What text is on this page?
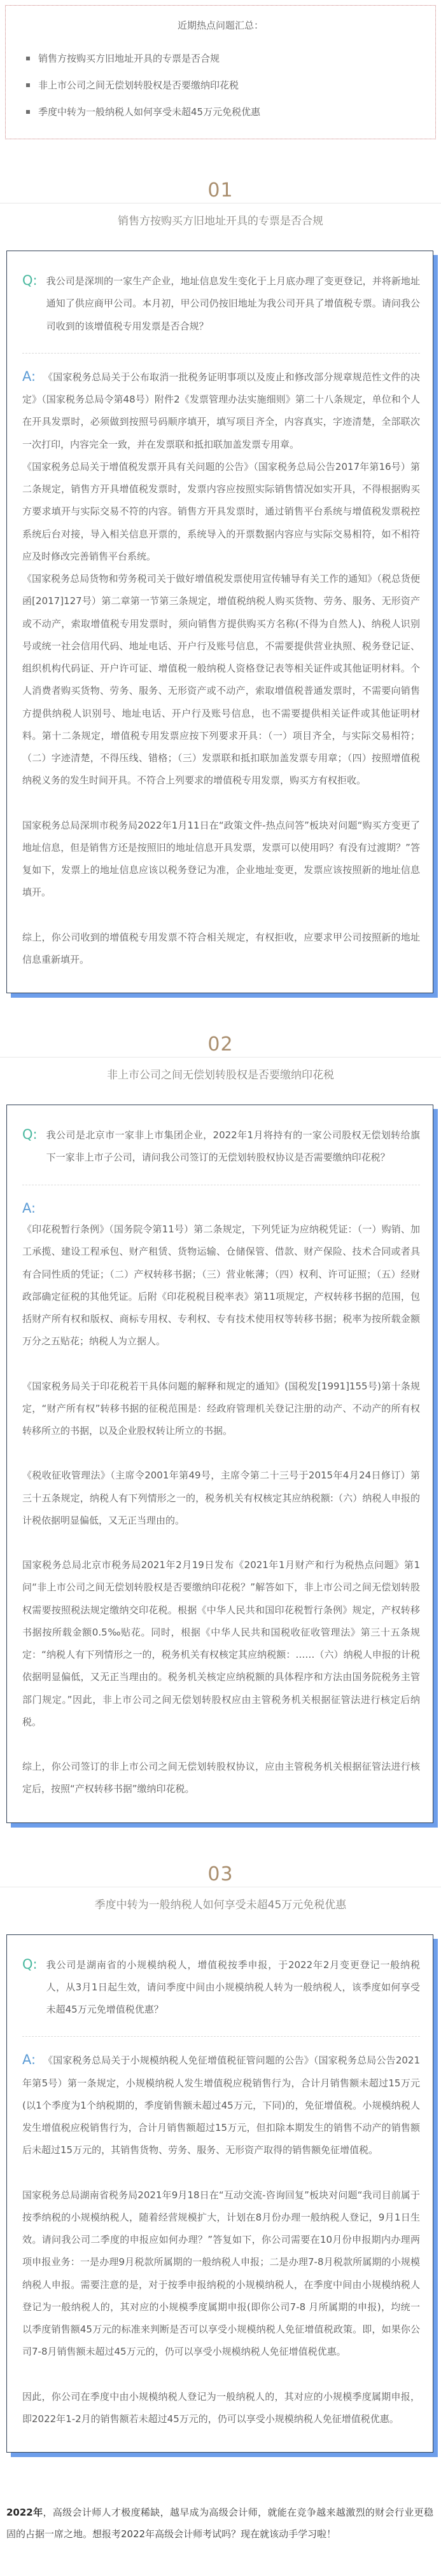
近期热点问题汇总：
销售方按购买方旧地址开具的专票是否合规
非上市公司之间无偿划转股权是否要缴纳印花税
季度中转为一般纳税人如何享受未超45万元免税优惠
01
销售方按购买方旧地址开具的专票是否合规
Q: 我公司是深圳的一家生产企业，地址信息发生变化于上月底办理了变更登记，并将新地址通知了供应商甲公司。本月初，甲公司仍按旧地址为我公司开具了增值税专票。请问我公司收到的该增值税专用发票是否合规？
A: 《国家税务总局关于公布取消一批税务证明事项以及废止和修改部分规章规范性文件的决定》（国家税务总局令第48号）附件2《发票管理办法实施细则》第二十八条规定，单位和个人在开具发票时，必须做到按照号码顺序填开，填写项目齐全，内容真实，字迹清楚，全部联次一次打印，内容完全一致，并在发票联和抵扣联加盖发票专用章。

《国家税务总局关于增值税发票开具有关问题的公告》（国家税务总局公告2017年第16号）第二条规定，销售方开具增值税发票时，发票内容应按照实际销售情况如实开具，不得根据购买方要求填开与实际交易不符的内容。销售方开具发票时，通过销售平台系统与增值税发票税控系统后台对接，导入相关信息开票的，系统导入的开票数据内容应与实际交易相符，如不相符应及时修改完善销售平台系统。

《国家税务总局货物和劳务税司关于做好增值税发票使用宣传辅导有关工作的通知》（税总货便函[2017]127号）第二章第一节第三条规定，增值税纳税人购买货物、劳务、服务、无形资产或不动产，索取增值税专用发票时，须向销售方提供购买方名称(不得为自然人)、纳税人识别号或统一社会信用代码、地址电话、开户行及账号信息，不需要提供营业执照、税务登记证、组织机构代码证、开户许可证、增值税一般纳税人资格登记表等相关证件或其他证明材料。个人消费者购买货物、劳务、服务、无形资产或不动产，索取增值税普通发票时，不需要向销售方提供纳税人识别号、地址电话、开户行及账号信息，也不需要提供相关证件或其他证明材料。第十二条规定，增值税专用发票应按下列要求开具：（一）项目齐全，与实际交易相符；（二）字迹清楚，不得压线、错格；（三）发票联和抵扣联加盖发票专用章；（四）按照增值税纳税义务的发生时间开具。不符合上列要求的增值税专用发票，购买方有权拒收。

国家税务总局深圳市税务局2022年1月11日在“政策文件-热点问答”板块对问题“购买方变更了地址信息，但是销售方还是按照旧的地址信息开具发票，发票可以使用吗？有没有过渡期？”答复如下，发票上的地址信息应该以税务登记为准，企业地址变更，发票应该按照新的地址信息填开。

综上，你公司收到的增值税专用发票不符合相关规定，有权拒收，应要求甲公司按照新的地址信息重新填开。

02
非上市公司之间无偿划转股权是否要缴纳印花税
Q: 我公司是北京市一家非上市集团企业，2022年1月将持有的一家公司股权无偿划转给旗下一家非上市子公司，请问我公司签订的无偿划转股权协议是否需要缴纳印花税？
A:

《印花税暂行条例》（国务院令第11号）第二条规定，下列凭证为应纳税凭证：（一）购销、加工承揽、建设工程承包、财产租赁、货物运输、仓储保管、借款、财产保险、技术合同或者具有合同性质的凭证；（二）产权转移书据；（三）营业帐薄；（四）权利、许可证照；（五）经财政部确定征税的其他凭证。后附《印花税税目税率表》第11项规定，产权转移书据的范围，包括财产所有权和版权、商标专用权、专利权、专有技术使用权等转移书据；税率为按所载金额万分之五贴花；纳税人为立据人。

《国家税务局关于印花税若干具体问题的解释和规定的通知》(国税发[1991]155号)第十条规定，“财产所有权”转移书据的征税范围是：经政府管理机关登记注册的动产、不动产的所有权转移所立的书据，以及企业股权转让所立的书据。

《税收征收管理法》（主席令2001年第49号，主席令第二十三号于2015年4月24日修订）第三十五条规定，纳税人有下列情形之一的，税务机关有权核定其应纳税额:（六）纳税人申报的计税依据明显偏低，又无正当理由的。

国家税务总局北京市税务局2021年2月19日发布《2021年1月财产和行为税热点问题》第1问“非上市公司之间无偿划转股权是否要缴纳印花税？”解答如下，非上市公司之间无偿划转股权需要按照税法规定缴纳交印花税。根据《中华人民共和国印花税暂行条例》规定，产权转移书据按所载金额0.5‰贴花。同时，根据《中华人民共和国税收征收管理法》第三十五条规定：“纳税人有下列情形之一的，税务机关有权核定其应纳税额：……（六）纳税人申报的计税依据明显偏低，又无正当理由的。税务机关核定应纳税额的具体程序和方法由国务院税务主管部门规定。”因此，非上市公司之间无偿划转股权应由主管税务机关根据征管法进行核定后纳税。

综上，你公司签订的非上市公司之间无偿划转股权协议，应由主管税务机关根据征管法进行核定后，按照“产权转移书据”缴纳印花税。

03
季度中转为一般纳税人如何享受未超45万元免税优惠
Q: 我公司是湖南省的小规模纳税人，增值税按季申报，于2022年2月变更登记一般纳税人，从3月1日起生效，请问季度中间由小规模纳税人转为一般纳税人，该季度如何享受未超45万元免增值税优惠？
A: 《国家税务总局关于小规模纳税人免征增值税征管问题的公告》（国家税务总局公告2021年第5号）第一条规定，小规模纳税人发生增值税应税销售行为，合计月销售额未超过15万元(以1个季度为1个纳税期的，季度销售额未超过45万元，下同)的，免征增值税。小规模纳税人发生增值税应税销售行为，合计月销售额超过15万元，但扣除本期发生的销售不动产的销售额后未超过15万元的，其销售货物、劳务、服务、无形资产取得的销售额免征增值税。

国家税务总局湖南省税务局2021年9月18日在“互动交流-咨询回复”板块对问题“我司目前属于按季纳税的小规模纳税人，随着经营规模扩大，计划在8月份办理一般纳税人登记，9月1日生效。请问我公司二季度的申报应如何办理？”答复如下，你公司需要在10月份申报期内办理两项申报业务：一是办理9月税款所属期的一般纳税人申报；二是办理7-8月税款所属期的小规模纳税人申报。需要注意的是，对于按季申报纳税的小规模纳税人，在季度中间由小规模纳税人登记为一般纳税人的，其对应的小规模季度属期申报(即你公司7-8 月所属期的申报)，均统一以季度销售额45万元的标准来判断是否可以享受小规模纳税人免征增值税政策。即，如果你公司7-8月销售额未超过45万元的，仍可以享受小规模纳税人免征增值税优惠。

因此，你公司在季度中由小规模纳税人登记为一般纳税人的，其对应的小规模季度属期申报，即2022年1-2月的销售额若未超过45万元的，仍可以享受小规模纳税人免征增值税优惠。

2022年，高级会计师人才极度稀缺，越早成为高级会计师，就能在竞争越来越激烈的财会行业更稳固的占据一席之地。想报考2022年高级会计师考试吗？现在就该动手学习啦！
